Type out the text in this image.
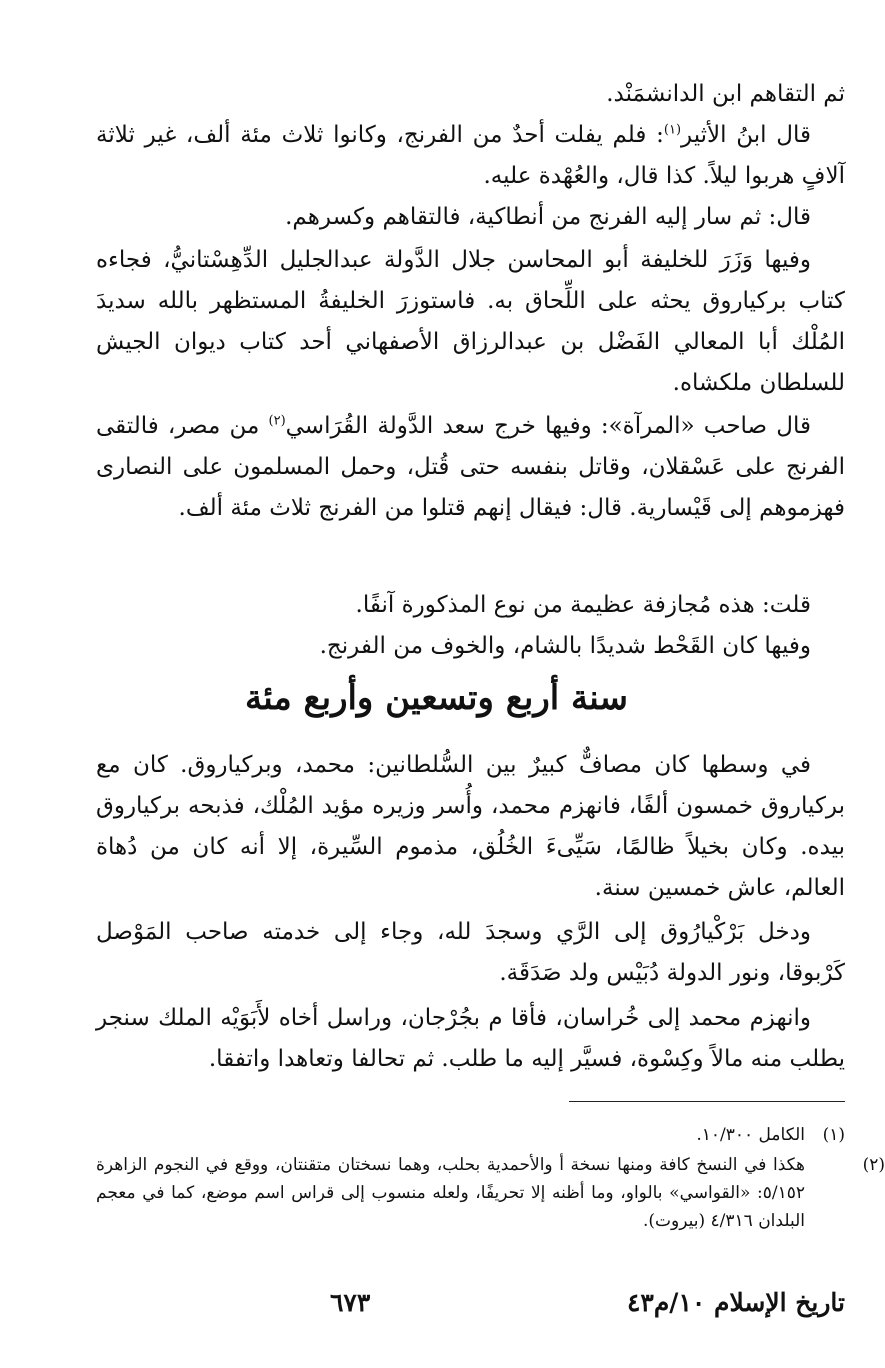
ثم التقاهم ابن الدانشمَنْد.

قال ابنُ الأثير$^{(١)}$: فلم يفلت أحدٌ من الفرنج، وكانوا ثلاث مئة ألف، غير ثلاثة آلافٍ هربوا ليلاً. كذا قال، والعُهْدة عليه.

قال: ثم سار إليه الفرنج من أنطاكية، فالتقاهم وكسرهم.

وفيها وَزَرَ للخليفة أبو المحاسن جلال الدَّولة عبدالجليل الدِّهِسْتانيُّ، فجاءه كتاب بركياروق يحثه على اللِّحاق به. فاستوزرَ الخليفةُ المستظهر بالله سديدَ المُلْك أبا المعالي الفَضْل بن عبدالرزاق الأصفهاني أحد كتاب ديوان الجيش للسلطان ملكشاه.

قال صاحب «المرآة»: وفيها خرج سعد الدَّولة القُرَاسي$^{(٢)}$ من مصر، فالتقى الفرنج على عَسْقلان، وقاتل بنفسه حتى قُتل، وحمل المسلمون على النصارى فهزموهم إلى قَيْسارية. قال: فيقال إنهم قتلوا من الفرنج ثلاث مئة ألف.

قلت: هذه مُجازفة عظيمة من نوع المذكورة آنفًا.

وفيها كان القَحْط شديدًا بالشام، والخوف من الفرنج.

سنة أربع وتسعين وأربع مئة

في وسطها كان مصافٌّ كبيرٌ بين السُّلطانين: محمد، وبركياروق. كان مع بركياروق خمسون ألفًا، فانهزم محمد، وأُسر وزيره مؤيد المُلْك، فذبحه بركياروق بيده. وكان بخيلاً ظالمًا، سَيِّىءَ الخُلُق، مذموم السِّيرة، إلا أنه كان من دُهاة العالم، عاش خمسين سنة.

ودخل بَرْكْيارُوق إلى الرَّي وسجدَ لله، وجاء إلى خدمته صاحب المَوْصل كَرْبوقا، ونور الدولة دُبَيْس ولد صَدَقَة.

وانهزم محمد إلى خُراسان، فأقا م بجُرْجان، وراسل أخاه لأَبَوَيْه الملك سنجر يطلب منه مالاً وكِسْوة، فسيَّر إليه ما طلب. ثم تحالفا وتعاهدا واتفقا.

(١)الكامل ١٠/٣٠٠.

(٢)هكذا في النسخ كافة ومنها نسخة أ والأحمدية بحلب، وهما نسختان متقنتان، ووقع في النجوم الزاهرة ٥/١٥٢: «القواسي» بالواو، وما أظنه إلا تحريفًا، ولعله منسوب إلى قراس اسم موضع، كما في معجم البلدان ٤/٣١٦ (بيروت).

تاريخ الإسلام ١٠/م٤٣
٦٧٣
